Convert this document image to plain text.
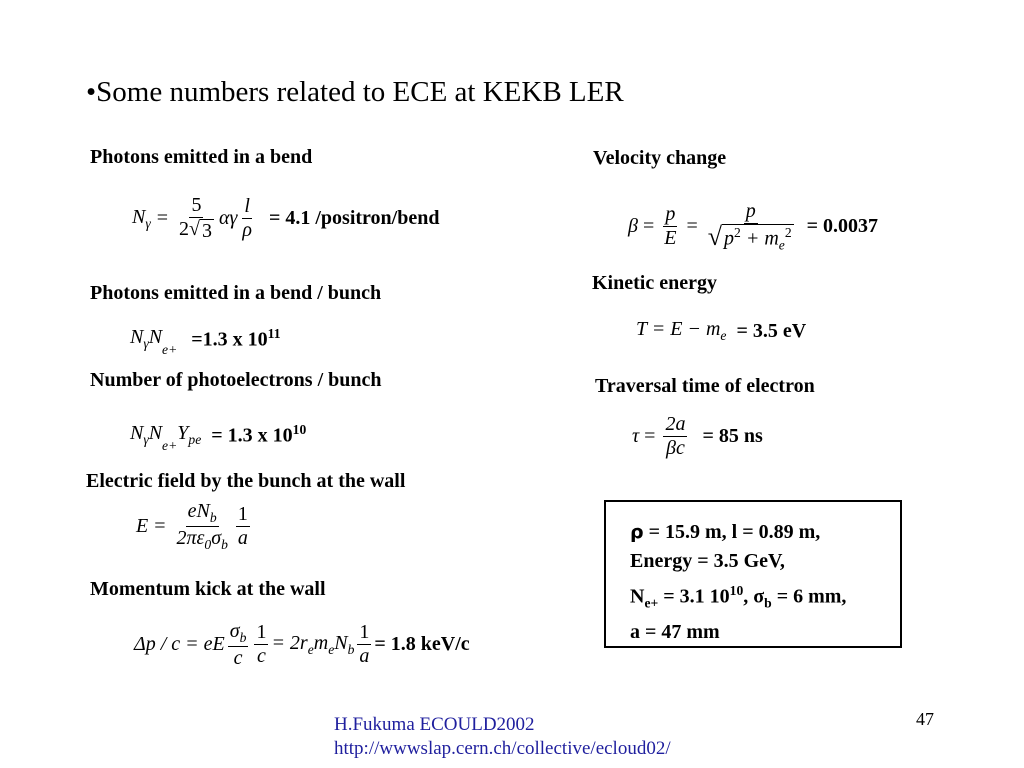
•Some numbers related to ECE at KEKB LER
Photons emitted in a bend
$N_\gamma = \frac{5}{2 √ 3}$ αγ $\frac{l}{\rho} = 4.1$ /positron/bend
Photons emitted in a bend / bunch
$N_\gamma N_{e+} =1.3$ x $10^{11}$
Number of photoelectrons / bunch
$N_\gamma N_{e+}Y_{pe} = 1.3$ x $10^{10}$
Electric field by the bunch at the wall
$E = \frac{eN_b}{2\pi\varepsilon_0\sigma_b} \frac{1}{a}$
Momentum kick at the wall
Δp / c = eE $\frac{\sigma_b}{c} \frac{1}{c} = 2r_em_eN_b \frac{1}{a} = 1.8$ keV/c
Velocity change
$\beta = \frac{p}{E} = \frac{p}{√ p^2 + m_e^2} = 0.0037$
Kinetic energy
$T = E - m_e = 3.5$ eV
Traversal time of electron
$\tau = \frac{2a}{\beta c} = 85$ ns
ρ = 15.9 m, l = 0.89 m,
Energy = 3.5 GeV,
$N_{e+} = 3.1$ $10^{10}$, $\sigma_b = 6$ mm,
a = 47 mm
H.Fukuma ECOULD2002
http://wwwslap.cern.ch/collective/ecloud02/
47
